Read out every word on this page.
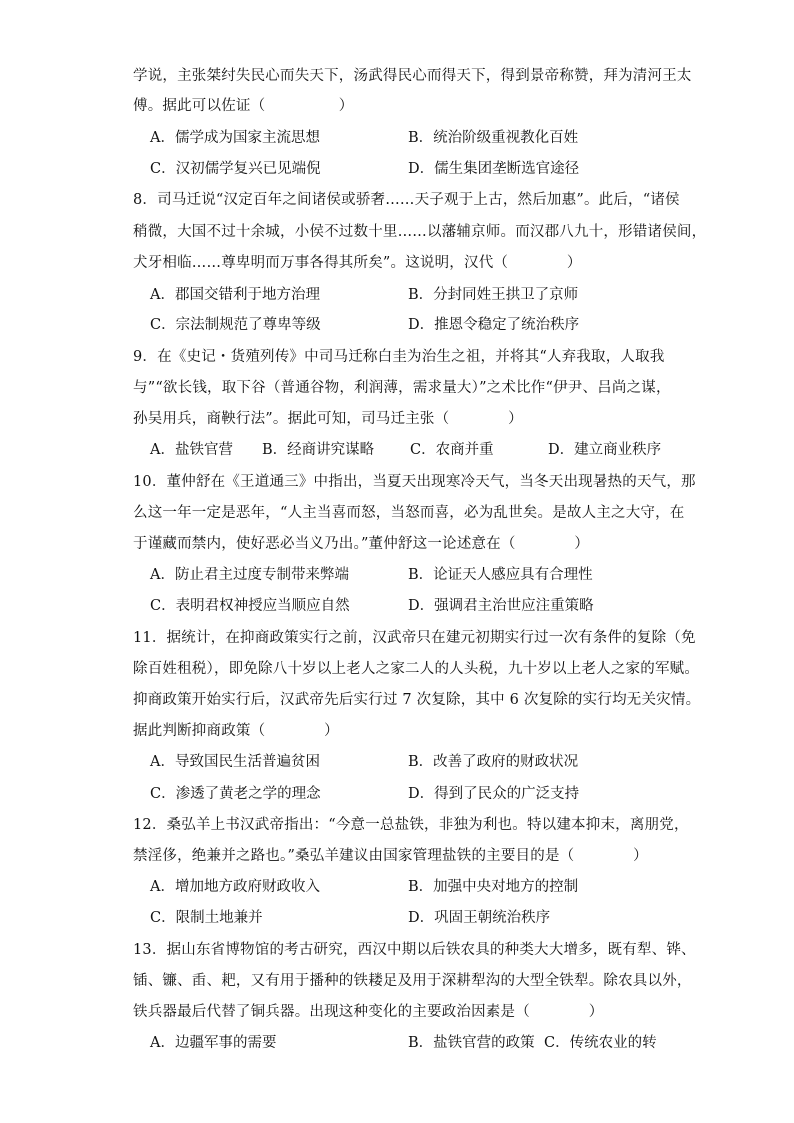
学说，主张桀纣失民心而失天下，汤武得民心而得天下，得到景帝称赞，拜为清河王太
傅。据此可以佐证（　　　　　）
A．儒学成为国家主流思想	B．统治阶级重视教化百姓
C．汉初儒学复兴已见端倪	D．儒生集团垄断选官途径
8．司马迁说“汉定百年之间诸侯或骄奢……天子观于上古，然后加惠”。此后，“诸侯
稍微，大国不过十余城，小侯不过数十里……以藩辅京师。而汉郡八九十，形错诸侯间，
犬牙相临……尊卑明而万事各得其所矣”。这说明，汉代（　　　　）
A．郡国交错利于地方治理	B．分封同姓王拱卫了京师
C．宗法制规范了尊卑等级	D．推恩令稳定了统治秩序
9．在《史记・货殖列传》中司马迁称白圭为治生之祖，并将其“人弃我取，人取我
与”“欲长钱，取下谷（普通谷物，利润薄，需求量大）”之术比作“伊尹、吕尚之谋，
孙吴用兵，商鞅行法”。据此可知，司马迁主张（　　　　）
A．盐铁官营 B．经商讲究谋略 C．农商并重	D．建立商业秩序
10．董仲舒在《王道通三》中指出，当夏天出现寒冷天气，当冬天出现暑热的天气，那
么这一年一定是恶年，“人主当喜而怒，当怒而喜，必为乱世矣。是故人主之大守，在
于谨藏而禁内，使好恶必当义乃出。”董仲舒这一论述意在（　　　　）
A．防止君主过度专制带来弊端	B．论证天人感应具有合理性
C．表明君权神授应当顺应自然	D．强调君主治世应注重策略
11．据统计，在抑商政策实行之前，汉武帝只在建元初期实行过一次有条件的复除（免
除百姓租税），即免除八十岁以上老人之家二人的人头税，九十岁以上老人之家的军赋。
抑商政策开始实行后，汉武帝先后实行过 7 次复除，其中 6 次复除的实行均无关灾情。
据此判断抑商政策（　　　　）
A．导致国民生活普遍贫困	B．改善了政府的财政状况
C．渗透了黄老之学的理念	D．得到了民众的广泛支持
12．桑弘羊上书汉武帝指出：“今意一总盐铁，非独为利也。特以建本抑末，离朋党，
禁淫侈，绝兼并之路也。”桑弘羊建议由国家管理盐铁的主要目的是（　　　　）
A．增加地方政府财政收入	B．加强中央对地方的控制
C．限制土地兼并	D．巩固王朝统治秩序
13．据山东省博物馆的考古研究，西汉中期以后铁农具的种类大大增多，既有犁、铧、
锸、镰、臿、耙，又有用于播种的铁耧足及用于深耕犁沟的大型全铁犁。除农具以外，
铁兵器最后代替了铜兵器。出现这种变化的主要政治因素是（　　　　）
A．边疆军事的需要	B．盐铁官营的政策 C．传统农业的转
